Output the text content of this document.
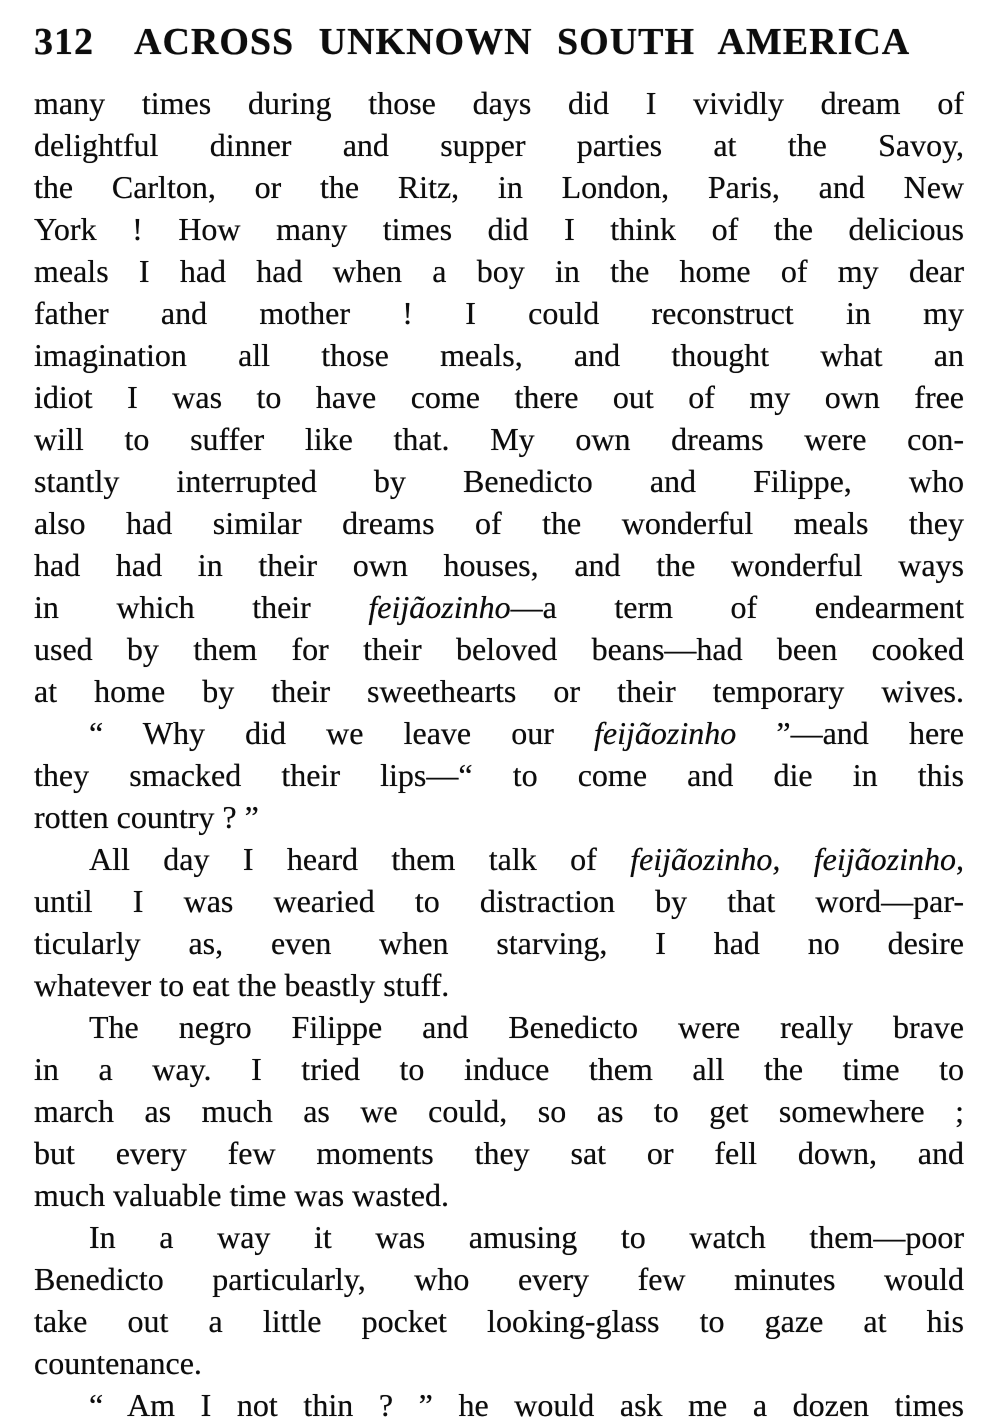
312 ACROSS UNKNOWN SOUTH AMERICA
many times during those days did I vividly dream of
delightful dinner and supper parties at the Savoy,
the Carlton, or the Ritz, in London, Paris, and New
York ! How many times did I think of the delicious
meals I had had when a boy in the home of my dear
father and mother ! I could reconstruct in my
imagination all those meals, and thought what an
idiot I was to have come there out of my own free
will to suffer like that. My own dreams were con-
stantly interrupted by Benedicto and Filippe, who
also had similar dreams of the wonderful meals they
had had in their own houses, and the wonderful ways
in which their feijãozinho—a term of endearment
used by them for their beloved beans—had been cooked
at home by their sweethearts or their temporary wives.
“ Why did we leave our feijãozinho ”—and here
they smacked their lips—“ to come and die in this
rotten country ? ”
All day I heard them talk of feijãozinho, feijãozinho,
until I was wearied to distraction by that word—par-
ticularly as, even when starving, I had no desire
whatever to eat the beastly stuff.
The negro Filippe and Benedicto were really brave
in a way. I tried to induce them all the time to
march as much as we could, so as to get somewhere ;
but every few moments they sat or fell down, and
much valuable time was wasted.
In a way it was amusing to watch them—poor
Benedicto particularly, who every few minutes would
take out a little pocket looking-glass to gaze at his
countenance.
“ Am I not thin ? ” he would ask me a dozen times
